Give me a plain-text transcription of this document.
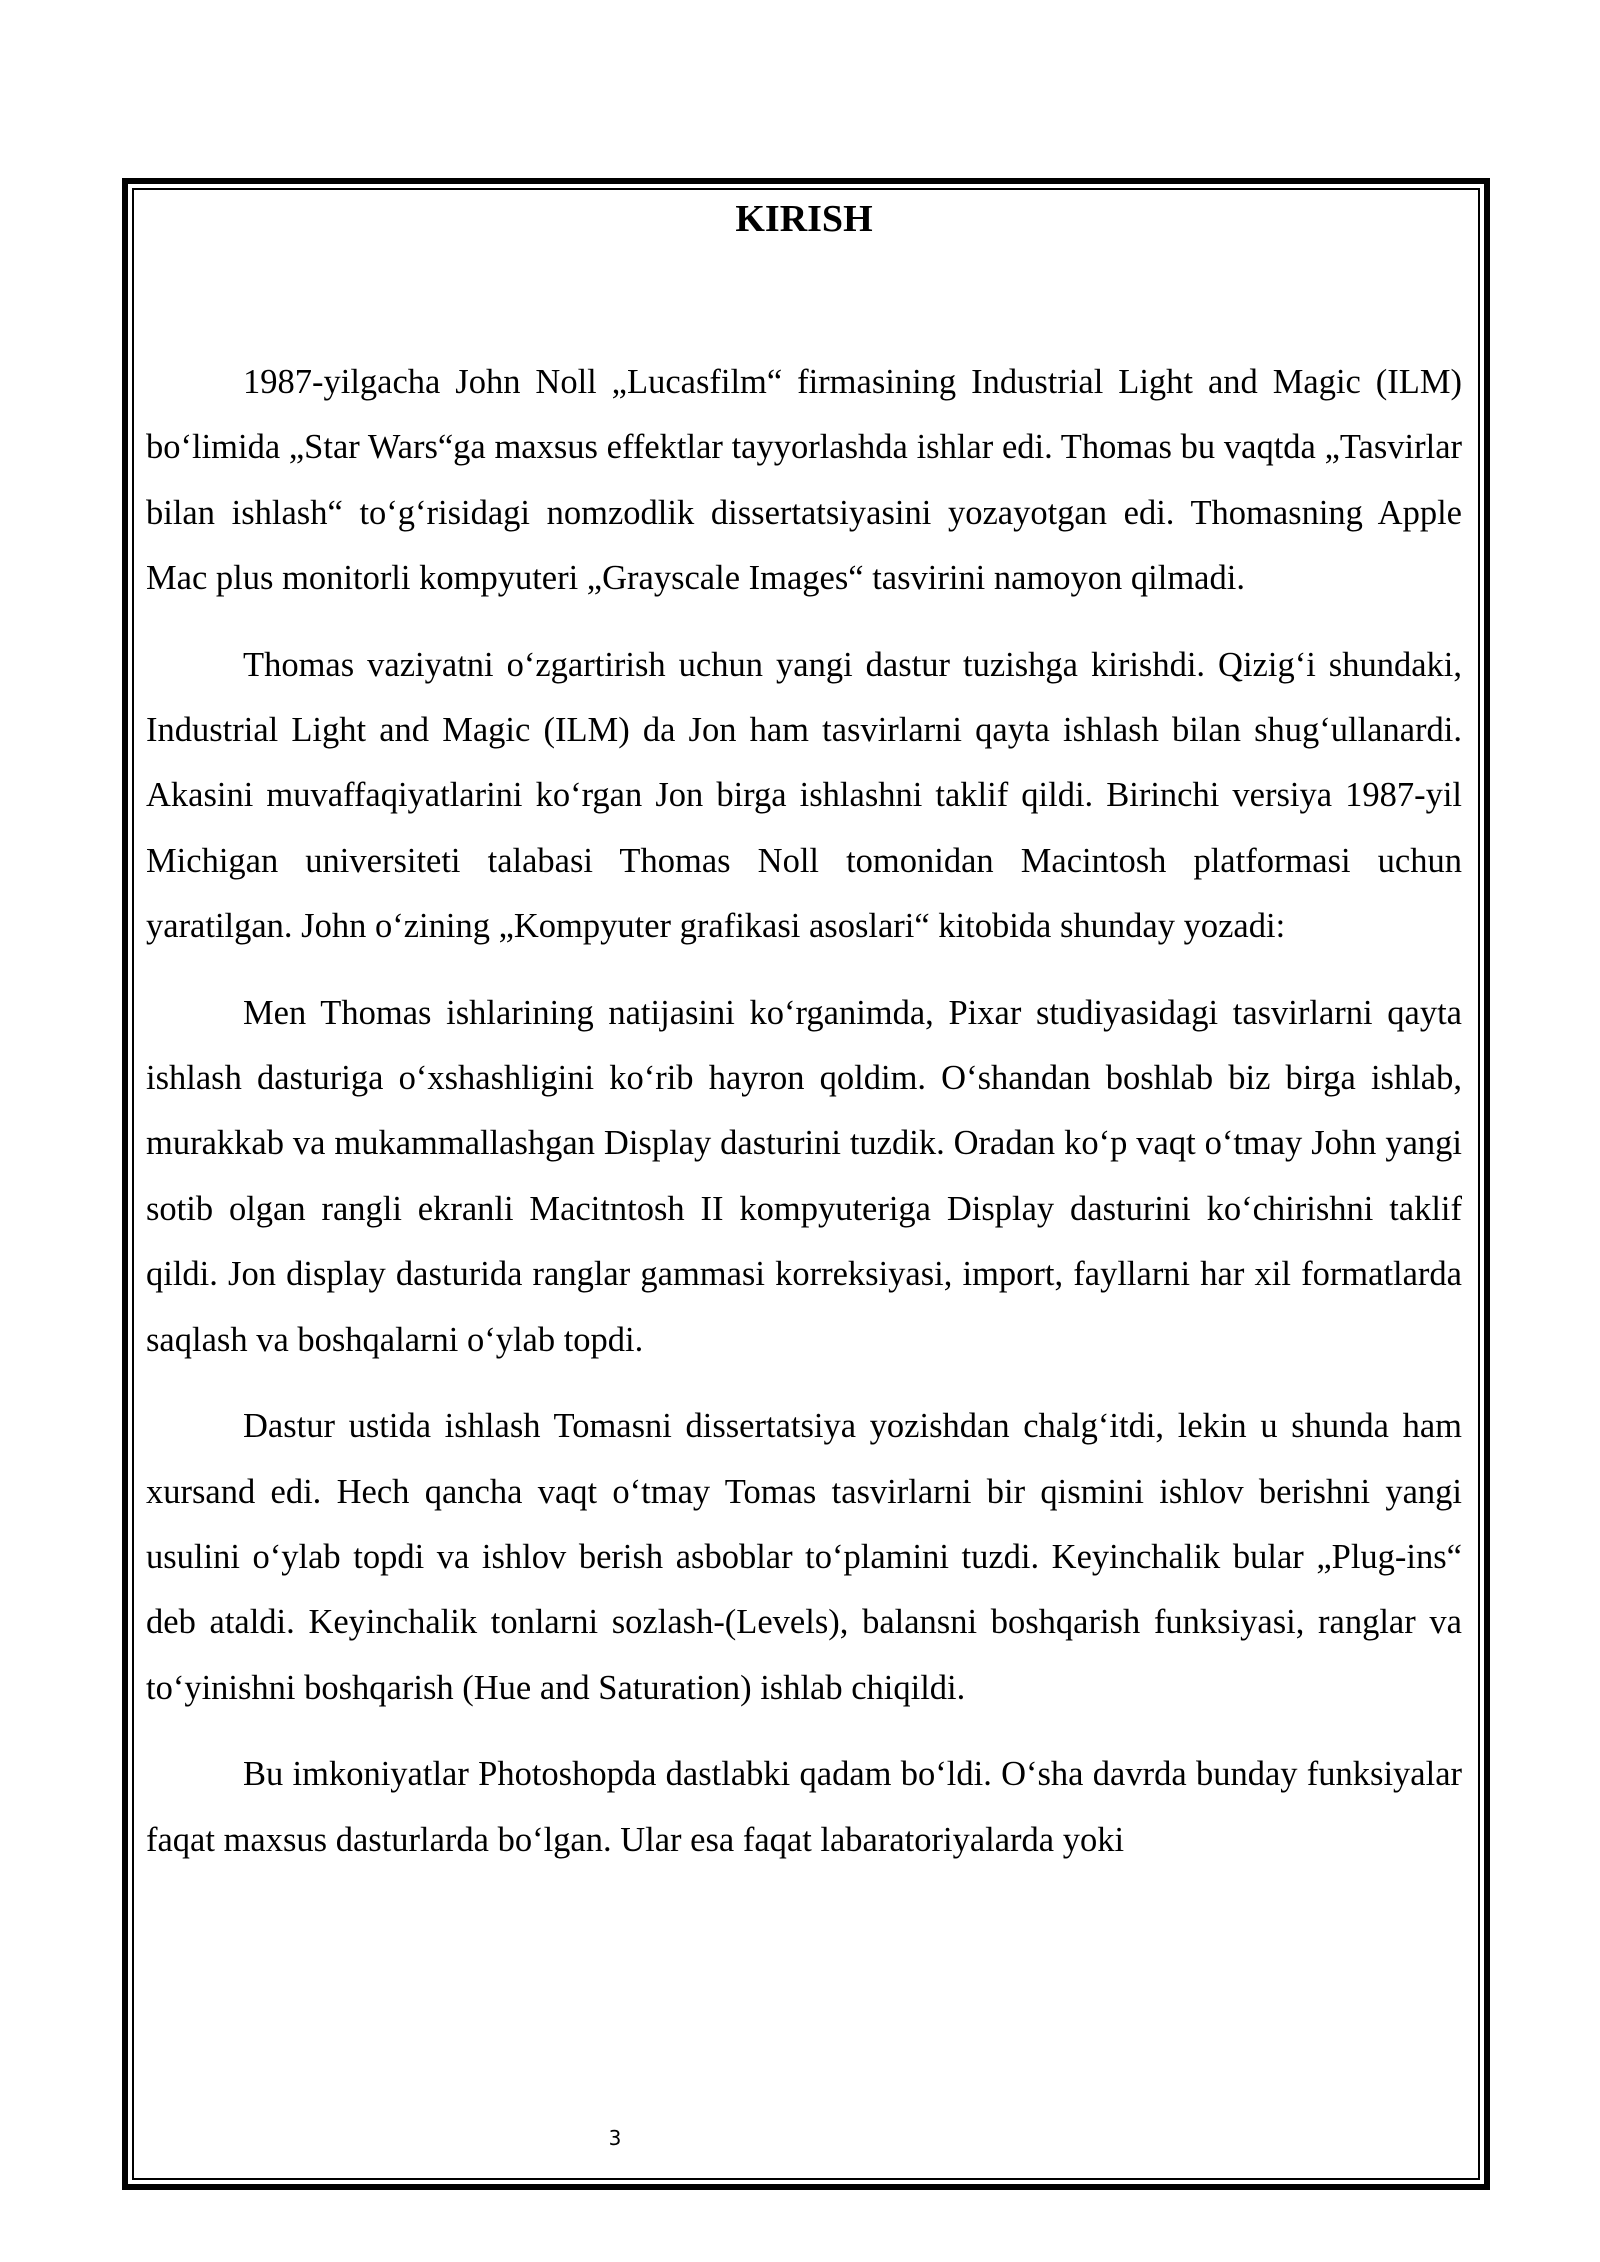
KIRISH

1987-yilgacha John Noll „Lucasfilm“ firmasining Industrial Light and Magic (ILM) boʻlimida „Star Wars“ga maxsus effektlar tayyorlashda ishlar edi. Thomas bu vaqtda „Tasvirlar bilan ishlash“ toʻgʻrisidagi nomzodlik dissertatsiyasini yozayotgan edi. Thomasning Apple Mac plus monitorli kompyuteri „Grayscale Images“ tasvirini namoyon qilmadi.

Thomas vaziyatni oʻzgartirish uchun yangi dastur tuzishga kirishdi. Qizigʻi shundaki, Industrial Light and Magic (ILM) da Jon ham tasvirlarni qayta ishlash bilan shugʻullanardi. Akasini muvaffaqiyatlarini koʻrgan Jon birga ishlashni taklif qildi. Birinchi versiya 1987-yil Michigan universiteti talabasi Thomas Noll tomonidan Macintosh platformasi uchun yaratilgan. John oʻzining „Kompyuter grafikasi asoslari“ kitobida shunday yozadi:

Men Thomas ishlarining natijasini koʻrganimda, Pixar studiyasidagi tasvirlarni qayta ishlash dasturiga oʻxshashligini koʻrib hayron qoldim. Oʻshandan boshlab biz birga ishlab, murakkab va mukammallashgan Display dasturini tuzdik. Oradan koʻp vaqt oʻtmay John yangi sotib olgan rangli ekranli Macitntosh II kompyuteriga Display dasturini koʻchirishni taklif qildi. Jon display dasturida ranglar gammasi korreksiyasi, import, fayllarni har xil formatlarda saqlash va boshqalarni oʻylab topdi.

Dastur ustida ishlash Tomasni dissertatsiya yozishdan chalgʻitdi, lekin u shunda ham xursand edi. Hech qancha vaqt oʻtmay Tomas tasvirlarni bir qismini ishlov berishni yangi usulini oʻylab topdi va ishlov berish asboblar toʻplamini tuzdi. Keyinchalik bular „Plug-ins“ deb ataldi. Keyinchalik tonlarni sozlash-(Levels), balansni boshqarish funksiyasi, ranglar va toʻyinishni boshqarish (Hue and Saturation) ishlab chiqildi.

Bu imkoniyatlar Photoshopda dastlabki qadam boʻldi. Oʻsha davrda bunday funksiyalar faqat maxsus dasturlarda boʻlgan. Ular esa faqat labaratoriyalarda yoki

3
